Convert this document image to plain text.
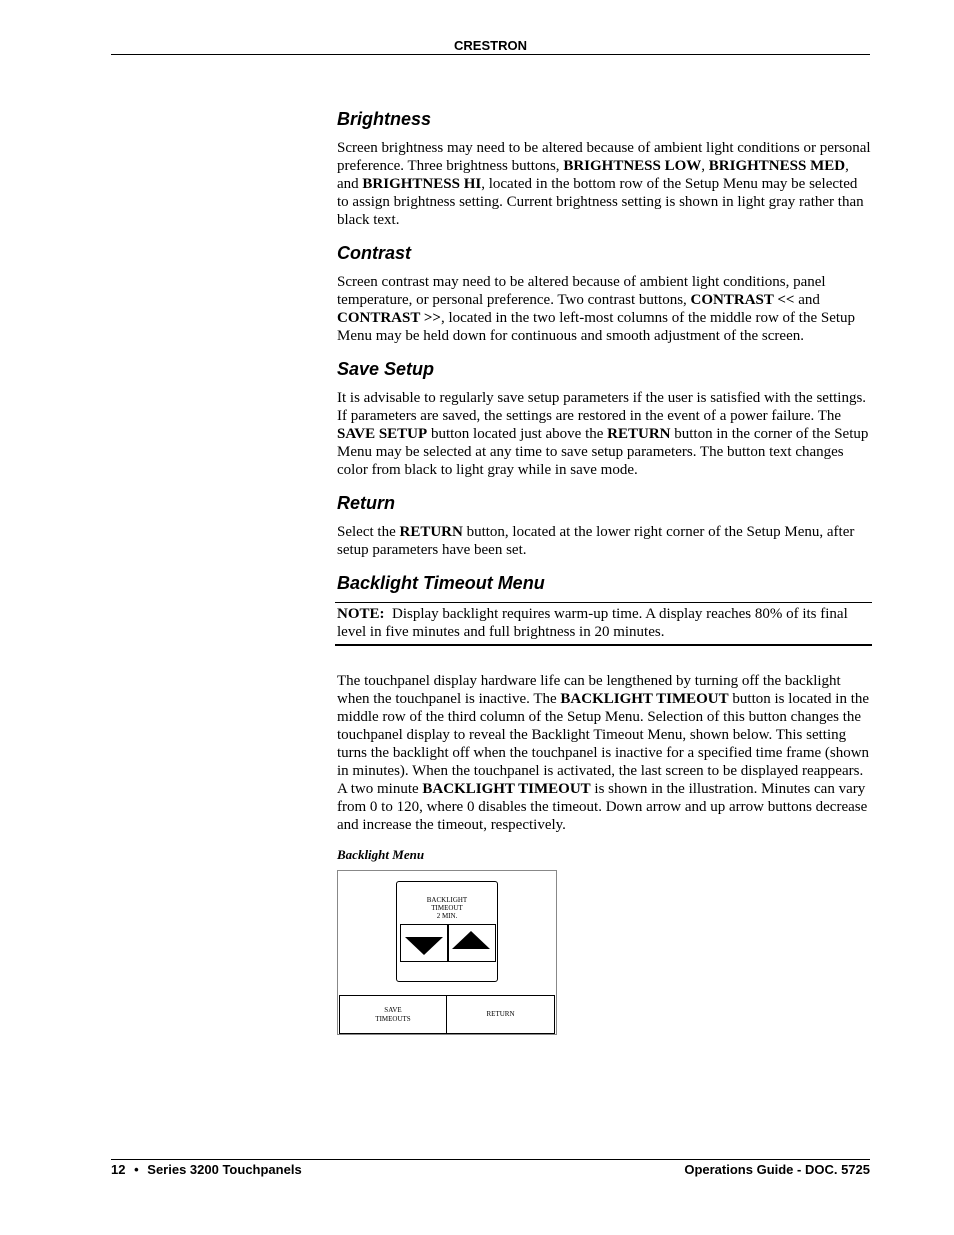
CRESTRON
Brightness

Screen brightness may need to be altered because of ambient light conditions or personal preference. Three brightness buttons, BRIGHTNESS LOW, BRIGHTNESS MED, and BRIGHTNESS HI, located in the bottom row of the Setup Menu may be selected to assign brightness setting. Current brightness setting is shown in light gray rather than black text.

Contrast

Screen contrast may need to be altered because of ambient light conditions, panel temperature, or personal preference. Two contrast buttons, CONTRAST << and CONTRAST >>, located in the two left-most columns of the middle row of the Setup Menu may be held down for continuous and smooth adjustment of the screen.

Save Setup

It is advisable to regularly save setup parameters if the user is satisfied with the settings. If parameters are saved, the settings are restored in the event of a power failure. The SAVE SETUP button located just above the RETURN button in the corner of the Setup Menu may be selected at any time to save setup parameters. The button text changes color from black to light gray while in save mode.

Return

Select the RETURN button, located at the lower right corner of the Setup Menu, after setup parameters have been set.

Backlight Timeout Menu
NOTE:  Display backlight requires warm-up time. A display reaches 80% of its final level in five minutes and full brightness in 20 minutes.

The touchpanel display hardware life can be lengthened by turning off the backlight when the touchpanel is inactive. The BACKLIGHT TIMEOUT button is located in the middle row of the third column of the Setup Menu. Selection of this button changes the touchpanel display to reveal the Backlight Timeout Menu, shown below. This setting turns the backlight off when the touchpanel is inactive for a specified time frame (shown in minutes). When the touchpanel is activated, the last screen to be displayed reappears. A two minute BACKLIGHT TIMEOUT is shown in the illustration. Minutes can vary from 0 to 120, where 0 disables the timeout. Down arrow and up arrow buttons decrease and increase the timeout, respectively.

Backlight Menu
BACKLIGHT
TIMEOUT
2 MIN.
SAVE
TIMEOUTS
RETURN
12 • Series 3200 Touchpanels	Operations Guide - DOC. 5725
